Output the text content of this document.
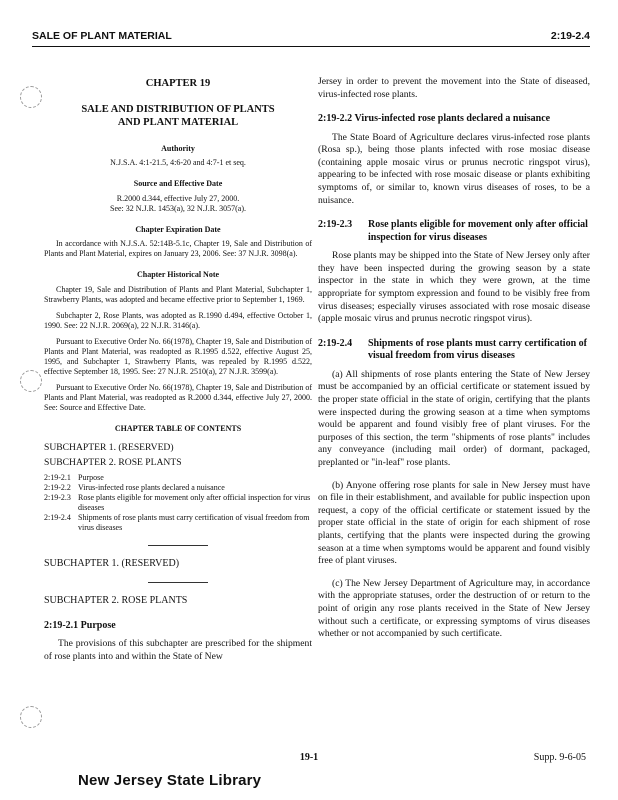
SALE OF PLANT MATERIAL	2:19-2.4
CHAPTER 19
SALE AND DISTRIBUTION OF PLANTS
AND PLANT MATERIAL
Authority
N.J.S.A. 4:1-21.5, 4:6-20 and 4:7-1 et seq.
Source and Effective Date
R.2000 d.344, effective July 27, 2000.
See: 32 N.J.R. 1453(a), 32 N.J.R. 3057(a).
Chapter Expiration Date

In accordance with N.J.S.A. 52:14B-5.1c, Chapter 19, Sale and Distribution of Plants and Plant Material, expires on January 23, 2006. See: 37 N.J.R. 3098(a).

Chapter Historical Note

Chapter 19, Sale and Distribution of Plants and Plant Material, Subchapter 1, Strawberry Plants, was adopted and became effective prior to September 1, 1969.

Subchapter 2, Rose Plants, was adopted as R.1990 d.494, effective October 1, 1990. See: 22 N.J.R. 2069(a), 22 N.J.R. 3146(a).

Pursuant to Executive Order No. 66(1978), Chapter 19, Sale and Distribution of Plants and Plant Material, was readopted as R.1995 d.522, effective August 25, 1995, and Subchapter 1, Strawberry Plants, was repealed by R.1995 d.522, effective September 18, 1995. See: 27 N.J.R. 2510(a), 27 N.J.R. 3599(a).

Pursuant to Executive Order No. 66(1978), Chapter 19, Sale and Distribution of Plants and Plant Material, was readopted as R.2000 d.344, effective July 27, 2000. See: Source and Effective Date.

CHAPTER TABLE OF CONTENTS
SUBCHAPTER 1. (RESERVED)
SUBCHAPTER 2. ROSE PLANTS
2:19-2.1 Purpose
2:19-2.2 Virus-infected rose plants declared a nuisance
2:19-2.3 Rose plants eligible for movement only after official inspection for virus diseases
2:19-2.4 Shipments of rose plants must carry certification of visual freedom from virus diseases
SUBCHAPTER 1. (RESERVED)
SUBCHAPTER 2. ROSE PLANTS
2:19-2.1 Purpose

The provisions of this subchapter are prescribed for the shipment of rose plants into and within the State of New

Jersey in order to prevent the movement into the State of diseased, virus-infected rose plants.

2:19-2.2 Virus-infected rose plants declared a nuisance

The State Board of Agriculture declares virus-infected rose plants (Rosa sp.), being those plants infected with rose mosiac disease (containing apple mosaic virus or prunus necrotic ringspot virus), appearing to be infected with rose mosaic disease or plants exhibiting symptoms of, or similar to, known virus diseases of roses, to be a nuisance.

2:19-2.3	Rose plants eligible for movement only after official inspection for virus diseases

Rose plants may be shipped into the State of New Jersey only after they have been inspected during the growing season by a state inspector in the state in which they were grown, at the time appropriate for symptom expression and found to be visibly free from virus diseases; especially viruses associated with rose mosaic disease (apple mosaic virus and prunus necrotic ringspot virus).

2:19-2.4	Shipments of rose plants must carry certification of visual freedom from virus diseases

(a) All shipments of rose plants entering the State of New Jersey must be accompanied by an official certificate or statement issued by the proper state official in the state of origin, certifying that the plants were inspected during the growing season at a time when symptoms would be apparent and found visibly free of plant viruses. For the purposes of this section, the term "shipments of rose plants" includes any conveyance (including mail order) of dormant, packaged, preplanted or "in-leaf" rose plants.

(b) Anyone offering rose plants for sale in New Jersey must have on file in their establishment, and available for public inspection upon request, a copy of the official certificate or statement issued by the proper state official in the state of origin for each shipment of rose plants, certifying that the plants were inspected during the growing season at a time when symptoms would be apparent and found visibly free of plant viruses.

(c) The New Jersey Department of Agriculture may, in accordance with the appropriate statuses, order the destruction of or return to the point of origin any rose plants received in the State of New Jersey without such a certificate, or expressing symptoms of virus diseases whether or not accompanied by such certificate.

19-1	Supp. 9-6-05
New Jersey State Library
